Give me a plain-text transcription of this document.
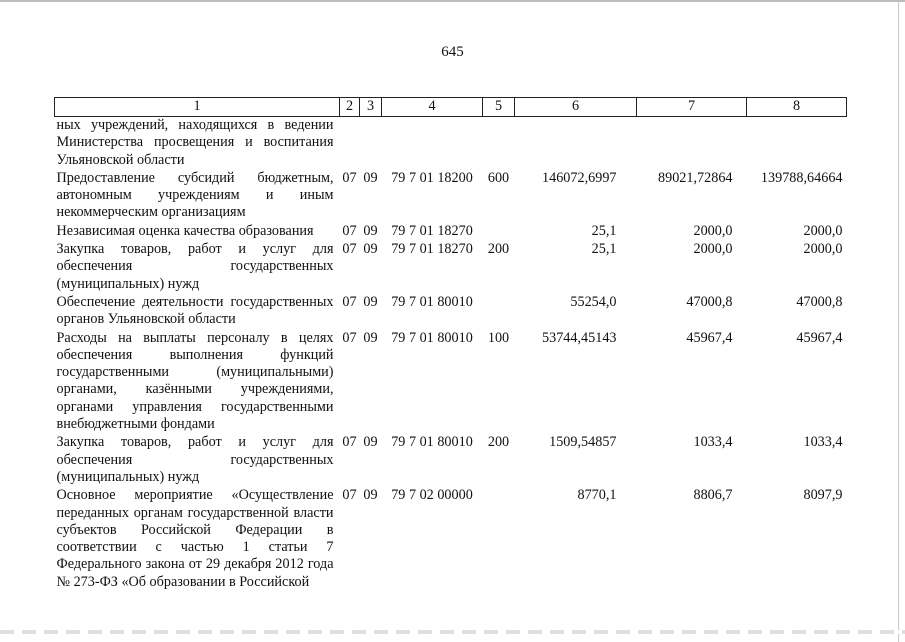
645
1	2	3	4	5	6	7	8
ных учреждений, находящихся в ведении Министерства просвещения и воспитания Ульяновской области							
Предоставление субсидий бюджетным, автономным учреждениям и иным некоммерческим организациям	07	09	79 7 01 18200	600	146072,6997	89021,72864	139788,64664
Независимая оценка качества образования	07	09	79 7 01 18270		25,1	2000,0	2000,0
Закупка товаров, работ и услуг для обеспечения государственных (муниципальных) нужд	07	09	79 7 01 18270	200	25,1	2000,0	2000,0
Обеспечение деятельности государственных органов Ульяновской области	07	09	79 7 01 80010		55254,0	47000,8	47000,8
Расходы на выплаты персоналу в целях обеспечения выполнения функций государственными (муниципальными) органами, казёнными учреждениями, органами управления государственными внебюджетными фондами	07	09	79 7 01 80010	100	53744,45143	45967,4	45967,4
Закупка товаров, работ и услуг для обеспечения государственных (муниципальных) нужд	07	09	79 7 01 80010	200	1509,54857	1033,4	1033,4
Основное мероприятие «Осуществление переданных органам государственной власти субъектов Российской Федерации в соответствии с частью 1 статьи 7 Федерального закона от 29 декабря 2012 года № 273-ФЗ «Об образовании в Российской	07	09	79 7 02 00000		8770,1	8806,7	8097,9
